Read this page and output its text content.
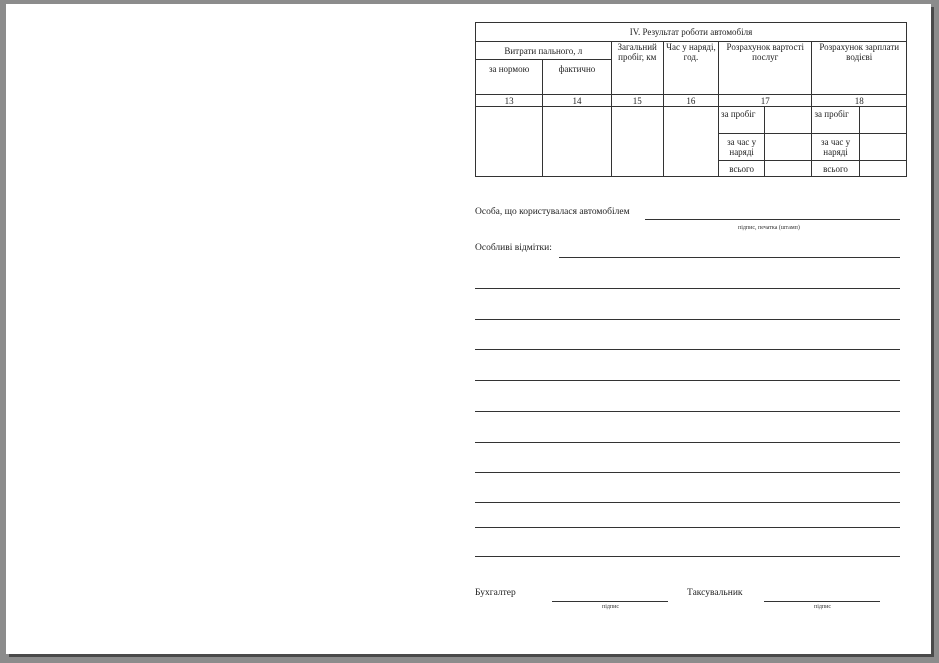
IV. Результат роботи автомобіля							
Витрати пального, л		Загальний пробіг, км	Час у наряді, год.	Розрахунок вартості послуг		Розрахунок зарплати водієві	
за нормою	фактично						
13	14	15	16	17		18	
				за пробіг		за пробіг	
				за час у наряді		за час у наряді	
				всього		всього	
Особа, що користувалася автомобілем
підпис, печатка (штамп)
Особливі відмітки:
Бухгалтер
підпис
Таксувальник
підпис
